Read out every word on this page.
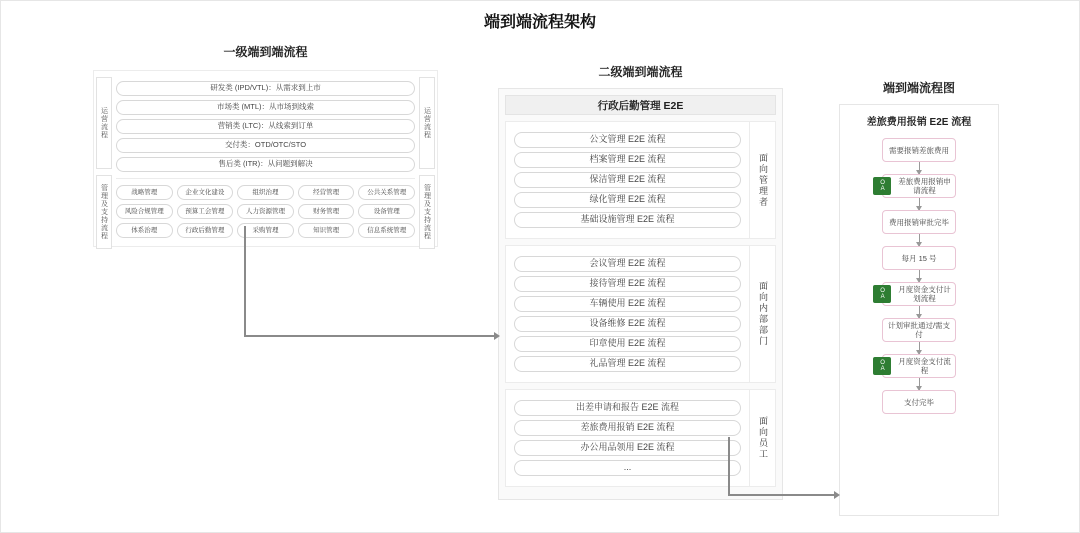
端到端流程架构
一级端到端流程
运营流程
管理及支持流程
运营流程
管理及支持流程
研发类 (IPD/VTL)：从需求到上市
市场类 (MTL)：从市场到线索
营销类 (LTC)：从线索到订单
交付类：OTD/OTC/STO
售后类 (ITR)：从问题到解决
战略管理	企业文化建设	组织治理	经营管理	公共关系管理
风险合规管理	预算工会管理	人力资源管理	财务管理	设备管理
体系治理	行政后勤管理	采购管理	知识管理	信息系统管理
二级端到端流程
行政后勤管理 E2E
公文管理 E2E 流程
档案管理 E2E 流程
保洁管理 E2E 流程
绿化管理 E2E 流程
基础设施管理 E2E 流程
面向管理者
会议管理 E2E 流程
接待管理 E2E 流程
车辆使用 E2E 流程
设备维修 E2E 流程
印章使用 E2E 流程
礼品管理 E2E 流程
面向内部部门
出差申请和报告 E2E 流程
差旅费用报销 E2E 流程
办公用品领用 E2E 流程
...
面向员工
端到端流程图
差旅费用报销 E2E 流程
需要报销差旅费用
OA	差旅费用报销申请流程
费用报销审批完毕
每月 15 号
OA	月度资金支付计划流程
计划审批通过/需支付
OA	月度资金支付流程
支付完毕
